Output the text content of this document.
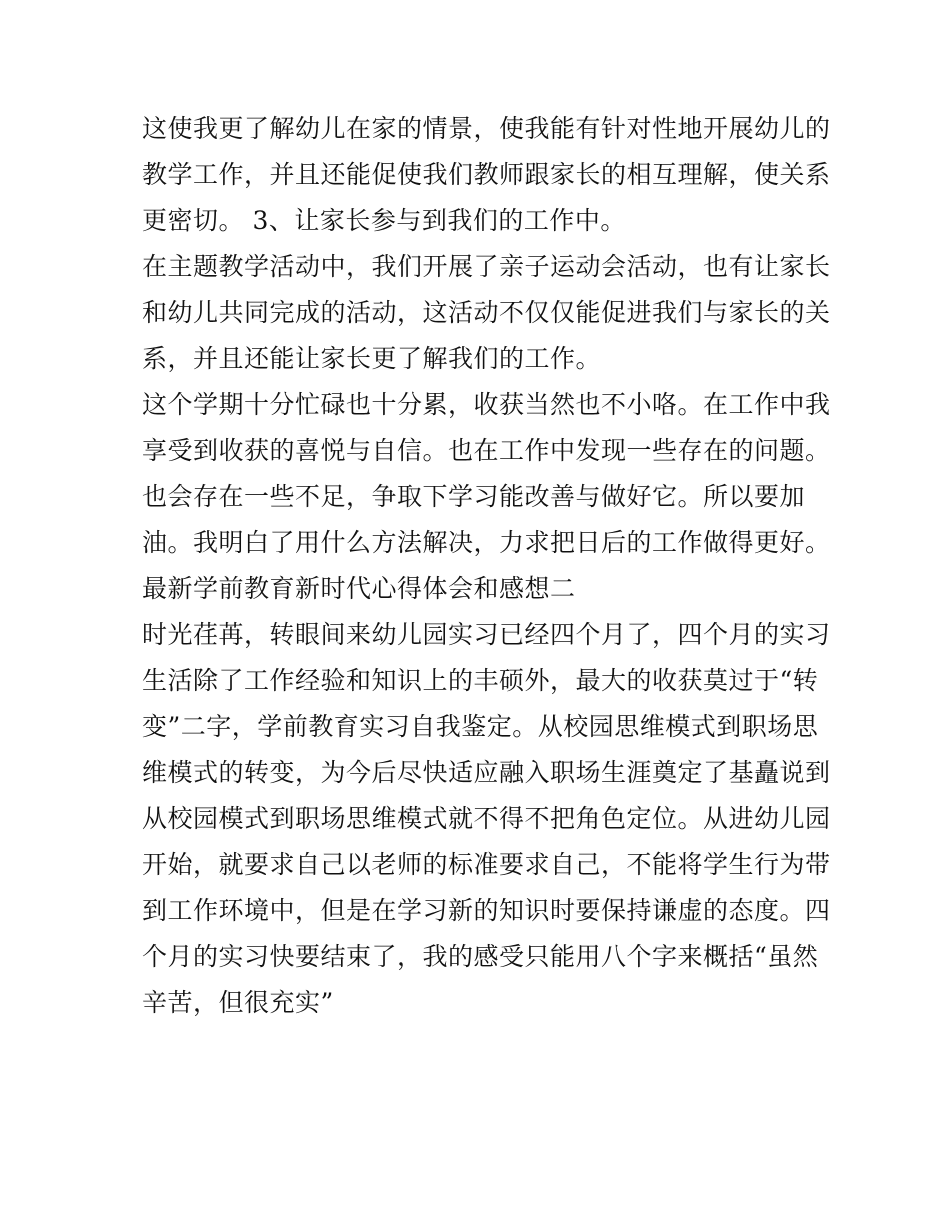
这使我更了解幼儿在家的情景，使我能有针对性地开展幼儿的
教学工作，并且还能促使我们教师跟家长的相互理解，使关系
更密切。 3、让家长参与到我们的工作中。
在主题教学活动中，我们开展了亲子运动会活动，也有让家长
和幼儿共同完成的活动，这活动不仅仅能促进我们与家长的关
系，并且还能让家长更了解我们的工作。
这个学期十分忙碌也十分累，收获当然也不小咯。在工作中我
享受到收获的喜悦与自信。也在工作中发现一些存在的问题。
也会存在一些不足，争取下学习能改善与做好它。所以要加
油。我明白了用什么方法解决，力求把日后的工作做得更好。
最新学前教育新时代心得体会和感想二
时光荏苒，转眼间来幼儿园实习已经四个月了，四个月的实习
生活除了工作经验和知识上的丰硕外，最大的收获莫过于“转
变”二字，学前教育实习自我鉴定。从校园思维模式到职场思
维模式的转变，为今后尽快适应融入职场生涯奠定了基矗说到
从校园模式到职场思维模式就不得不把角色定位。从进幼儿园
开始，就要求自己以老师的标准要求自己，不能将学生行为带
到工作环境中，但是在学习新的知识时要保持谦虚的态度。四
个月的实习快要结束了，我的感受只能用八个字来概括“虽然
辛苦，但很充实”
